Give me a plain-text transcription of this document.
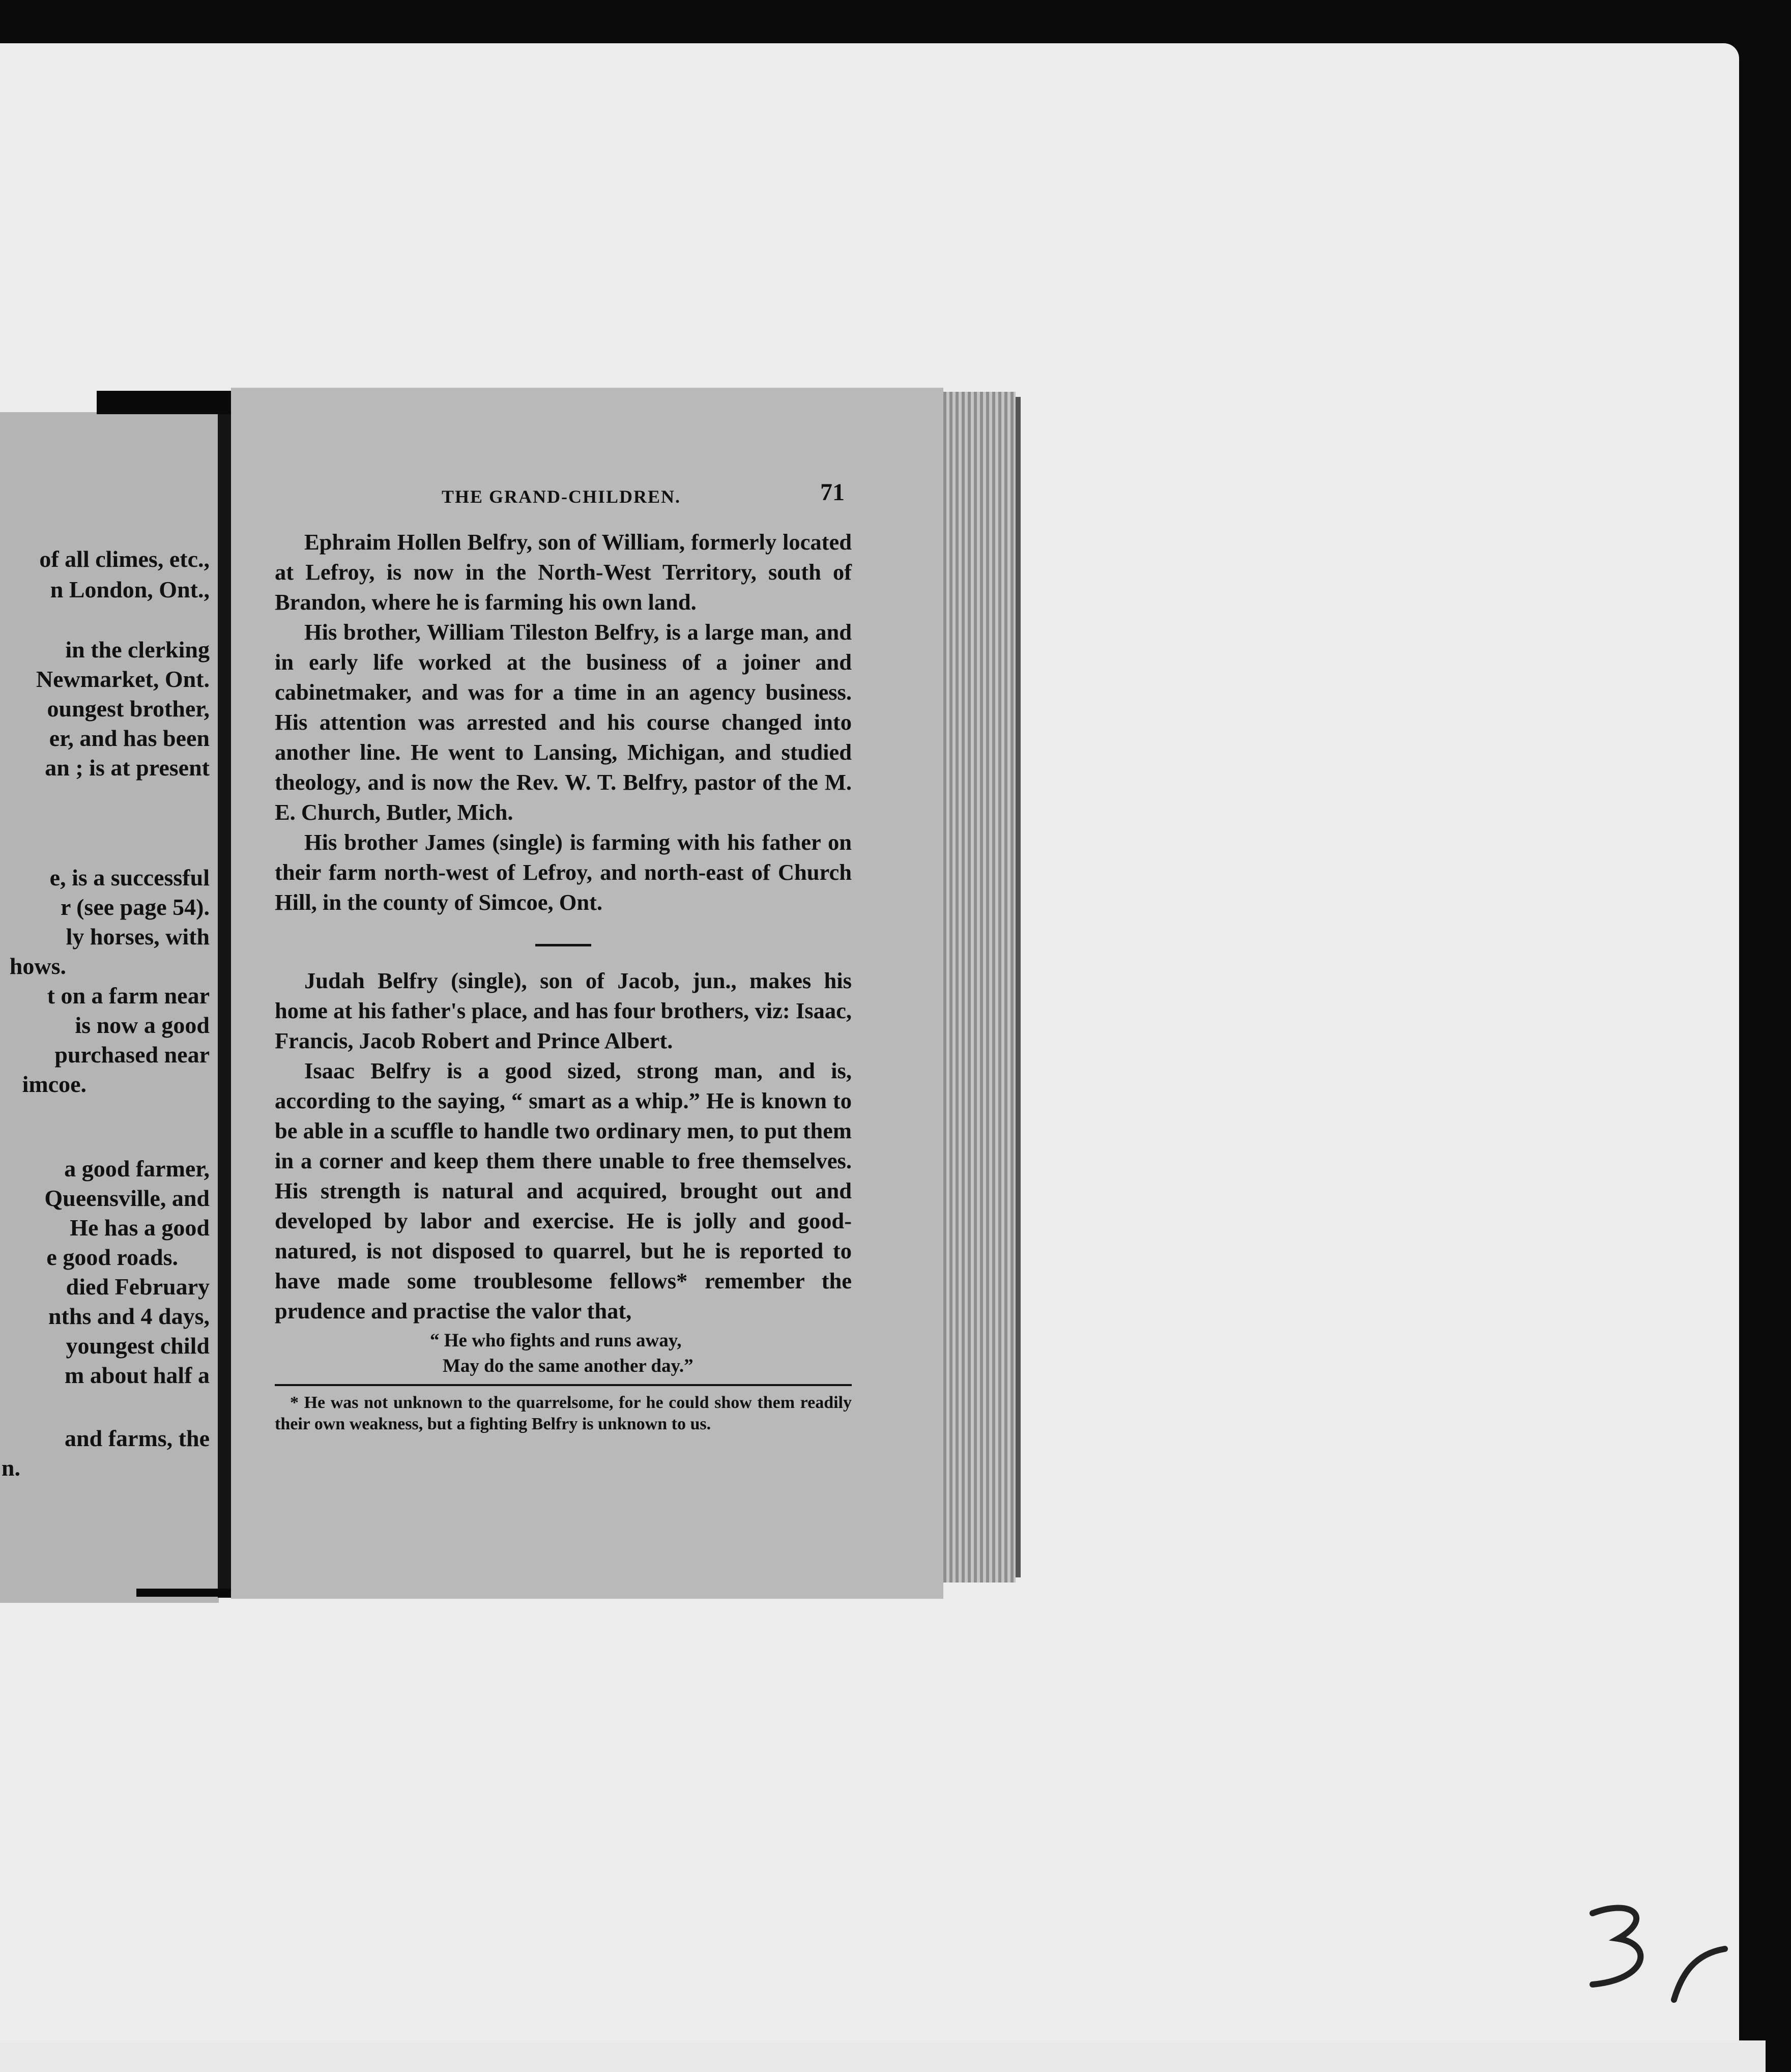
of all climes, etc.,
n London, Ont.,
in the clerking
Newmarket, Ont.
oungest brother,
er, and has been
an ; is at present
e, is a successful
r (see page 54).
ly horses, with
hows.
t on a farm near
is now a good
purchased near
imcoe.
a good farmer,
Queensville, and
He has a good
e good roads.
died February
nths and 4 days,
youngest child
m about half a
and farms, the
n.
THE GRAND-CHILDREN.	71

Ephraim Hollen Belfry, son of William, formerly located at Lefroy, is now in the North-West Territory, south of Brandon, where he is farming his own land.

His brother, William Tileston Belfry, is a large man, and in early life worked at the business of a joiner and cabinetmaker, and was for a time in an agency business. His attention was arrested and his course changed into another line. He went to Lansing, Michigan, and studied theology, and is now the Rev. W. T. Belfry, pastor of the M. E. Church, Butler, Mich.

His brother James (single) is farming with his father on their farm north-west of Lefroy, and north-east of Church Hill, in the county of Simcoe, Ont.

Judah Belfry (single), son of Jacob, jun., makes his home at his father's place, and has four brothers, viz: Isaac, Francis, Jacob Robert and Prince Albert.

Isaac Belfry is a good sized, strong man, and is, according to the saying, “ smart as a whip.” He is known to be able in a scuffle to handle two ordinary men, to put them in a corner and keep them there unable to free themselves. His strength is natural and acquired, brought out and developed by labor and exercise. He is jolly and good-natured, is not disposed to quarrel, but he is reported to have made some troublesome fellows* remember the prudence and practise the valor that,

“ He who fights and runs away,

May do the same another day.”

* He was not unknown to the quarrelsome, for he could show them readily their own weakness, but a fighting Belfry is unknown to us.
